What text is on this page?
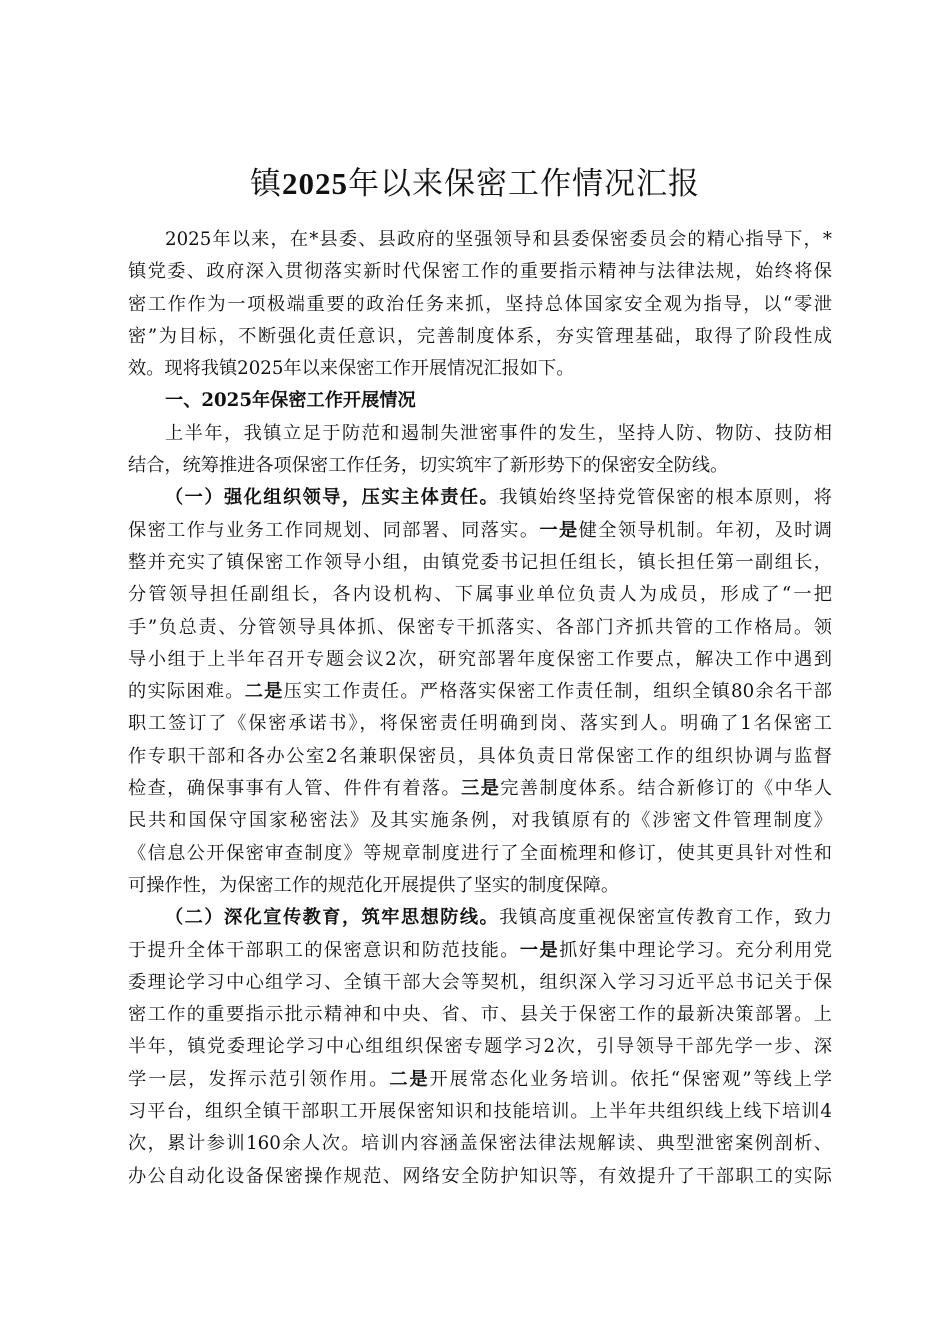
镇2025年以来保密工作情况汇报
2025年以来，在*县委、县政府的坚强领导和县委保密委员会的精心指导下，*
镇党委、政府深入贯彻落实新时代保密工作的重要指示精神与法律法规，始终将保
密工作作为一项极端重要的政治任务来抓，坚持总体国家安全观为指导，以“零泄
密”为目标，不断强化责任意识，完善制度体系，夯实管理基础，取得了阶段性成
效。现将我镇2025年以来保密工作开展情况汇报如下。
一、2025年保密工作开展情况
上半年，我镇立足于防范和遏制失泄密事件的发生，坚持人防、物防、技防相
结合，统筹推进各项保密工作任务，切实筑牢了新形势下的保密安全防线。
（一）强化组织领导，压实主体责任。我镇始终坚持党管保密的根本原则，将
保密工作与业务工作同规划、同部署、同落实。一是健全领导机制。年初，及时调
整并充实了镇保密工作领导小组，由镇党委书记担任组长，镇长担任第一副组长，
分管领导担任副组长，各内设机构、下属事业单位负责人为成员，形成了“一把
手”负总责、分管领导具体抓、保密专干抓落实、各部门齐抓共管的工作格局。领
导小组于上半年召开专题会议2次，研究部署年度保密工作要点，解决工作中遇到
的实际困难。二是压实工作责任。严格落实保密工作责任制，组织全镇80余名干部
职工签订了《保密承诺书》，将保密责任明确到岗、落实到人。明确了1名保密工
作专职干部和各办公室2名兼职保密员，具体负责日常保密工作的组织协调与监督
检查，确保事事有人管、件件有着落。三是完善制度体系。结合新修订的《中华人
民共和国保守国家秘密法》及其实施条例，对我镇原有的《涉密文件管理制度》
《信息公开保密审查制度》等规章制度进行了全面梳理和修订，使其更具针对性和
可操作性，为保密工作的规范化开展提供了坚实的制度保障。
（二）深化宣传教育，筑牢思想防线。我镇高度重视保密宣传教育工作，致力
于提升全体干部职工的保密意识和防范技能。一是抓好集中理论学习。充分利用党
委理论学习中心组学习、全镇干部大会等契机，组织深入学习习近平总书记关于保
密工作的重要指示批示精神和中央、省、市、县关于保密工作的最新决策部署。上
半年，镇党委理论学习中心组组织保密专题学习2次，引导领导干部先学一步、深
学一层，发挥示范引领作用。二是开展常态化业务培训。依托“保密观”等线上学
习平台，组织全镇干部职工开展保密知识和技能培训。上半年共组织线上线下培训4
次，累计参训160余人次。培训内容涵盖保密法律法规解读、典型泄密案例剖析、
办公自动化设备保密操作规范、网络安全防护知识等，有效提升了干部职工的实际
